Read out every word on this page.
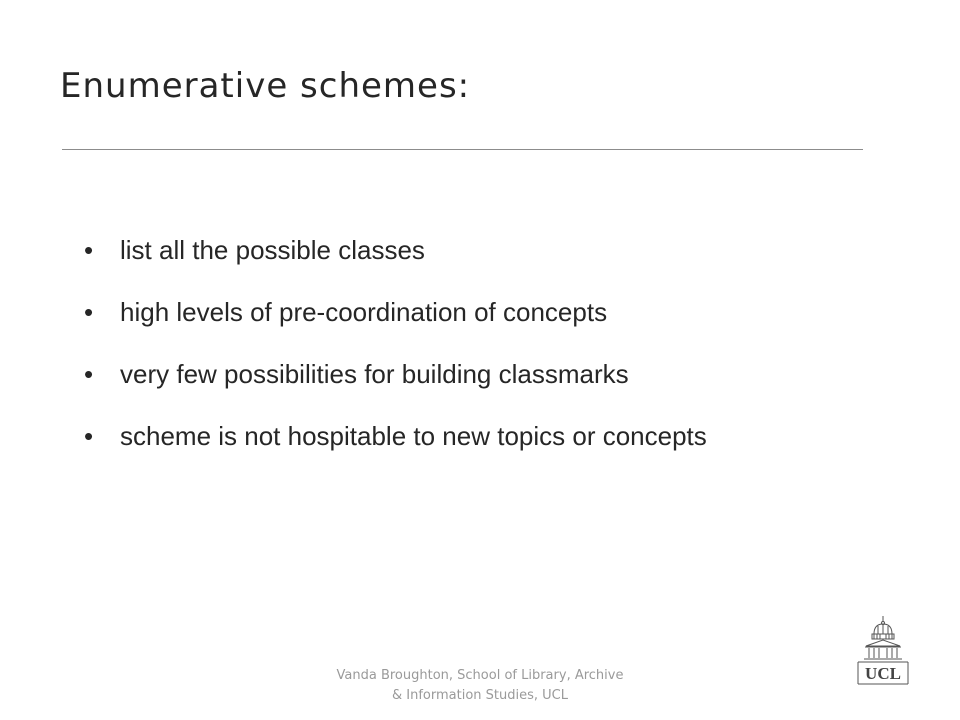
Enumerative schemes:
• list all the possible classes
• high levels of pre-coordination of concepts
• very few possibilities for building classmarks
• scheme is not hospitable to new topics or concepts
Vanda Broughton, School of Library, Archive
& Information Studies, UCL
UCL
